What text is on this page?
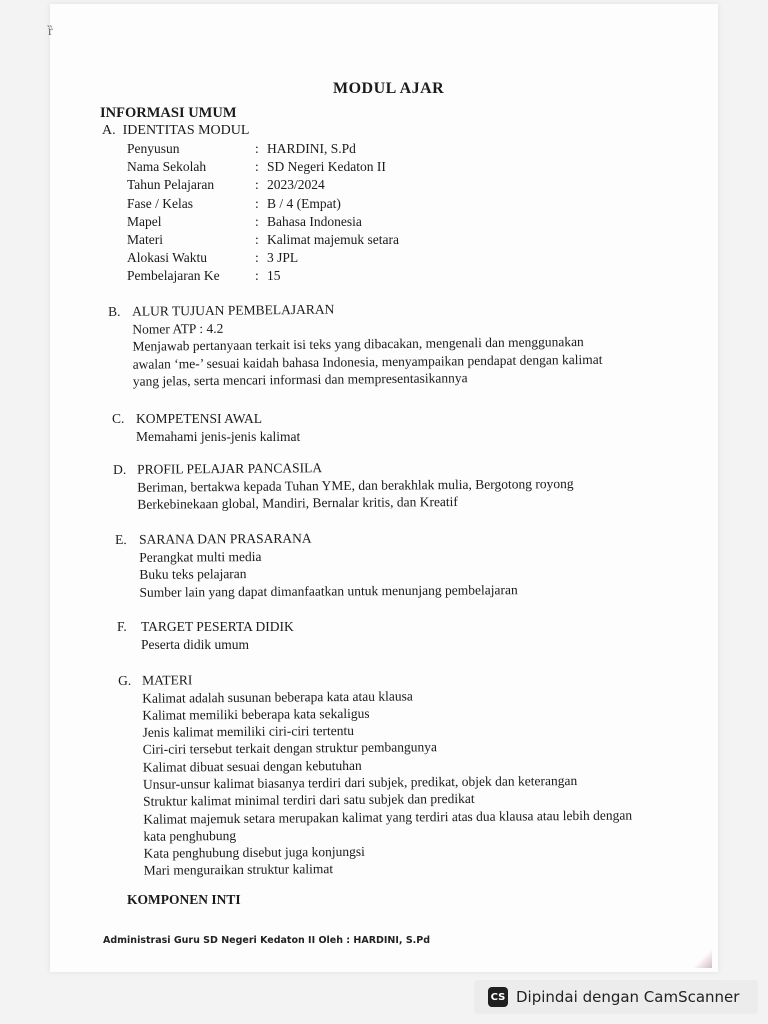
ȑ
MODUL AJAR
INFORMASI UMUM
A. IDENTITAS MODUL
Penyusun	: HARDINI, S.Pd
Nama Sekolah	: SD Negeri Kedaton II
Tahun Pelajaran	: 2023/2024
Fase / Kelas	: B / 4 (Empat)
Mapel	: Bahasa Indonesia
Materi	: Kalimat majemuk setara
Alokasi Waktu	: 3 JPL
Pembelajaran Ke	: 15
B. ALUR TUJUAN PEMBELAJARAN
Nomer ATP : 4.2
Menjawab pertanyaan terkait isi teks yang dibacakan, mengenali dan menggunakan
awalan ‘me-’ sesuai kaidah bahasa Indonesia, menyampaikan pendapat dengan kalimat
yang jelas, serta mencari informasi dan mempresentasikannya
C. KOMPETENSI AWAL
Memahami jenis-jenis kalimat
D. PROFIL PELAJAR PANCASILA
Beriman, bertakwa kepada Tuhan YME, dan berakhlak mulia, Bergotong royong
Berkebinekaan global, Mandiri, Bernalar kritis, dan Kreatif
E. SARANA DAN PRASARANA
Perangkat multi media
Buku teks pelajaran
Sumber lain yang dapat dimanfaatkan untuk menunjang pembelajaran
F.	TARGET PESERTA DIDIK
Peserta didik umum
G. MATERI
Kalimat adalah susunan beberapa kata atau klausa
Kalimat memiliki beberapa kata sekaligus
Jenis kalimat memiliki ciri-ciri tertentu
Ciri-ciri tersebut terkait dengan struktur pembangunya
Kalimat dibuat sesuai dengan kebutuhan
Unsur-unsur kalimat biasanya terdiri dari subjek, predikat, objek dan keterangan
Struktur kalimat minimal terdiri dari satu subjek dan predikat
Kalimat majemuk setara merupakan kalimat yang terdiri atas dua klausa atau lebih dengan
kata penghubung
Kata penghubung disebut juga konjungsi
Mari menguraikan struktur kalimat
KOMPONEN INTI
Administrasi Guru SD Negeri Kedaton II Oleh : HARDINI, S.Pd
CS Dipindai dengan CamScanner
